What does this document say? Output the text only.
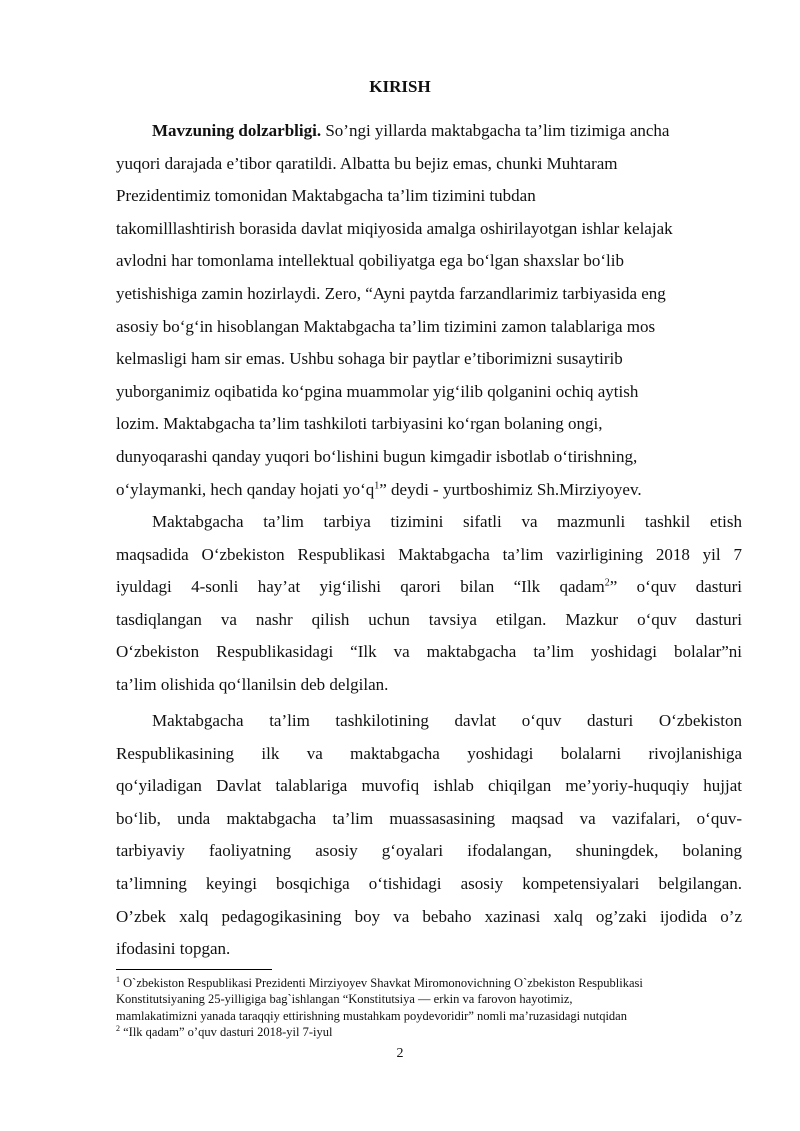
KIRISH
Mavzuning dolzarbligi. So’ngi yillarda maktabgacha ta’lim tizimiga ancha
yuqori darajada e’tibor qaratildi. Albatta bu bejiz emas, chunki Muhtaram
Prezidentimiz tomonidan Maktabgacha ta’lim tizimini tubdan
takomilllashtirish borasida davlat miqiyosida amalga oshirilayotgan ishlar kelajak
avlodni har tomonlama intellektual qobiliyatga ega bo‘lgan shaxslar bo‘lib
yetishishiga zamin hozirlaydi. Zero, “Ayni paytda farzandlarimiz tarbiyasida eng
asosiy bo‘g‘in hisoblangan Maktabgacha ta’lim tizimini zamon talablariga mos
kelmasligi ham sir emas. Ushbu sohaga bir paytlar e’tiborimizni susaytirib
yuborganimiz oqibatida ko‘pgina muammolar yig‘ilib qolganini ochiq aytish
lozim. Maktabgacha ta’lim tashkiloti tarbiyasini ko‘rgan bolaning ongi,
dunyoqarashi qanday yuqori bo‘lishini bugun kimgadir isbotlab o‘tirishning,
o‘ylaymanki, hech qanday hojati $yo‘q^1$” deydi - yurtboshimiz Sh.Mirziyoyev.
Maktabgacha ta’lim tarbiya tizimini sifatli va mazmunli tashkil etish
maqsadida O‘zbekiston Respublikasi Maktabgacha ta’lim vazirligining 2018 yil 7
iyuldagi 4-sonli hay’at yig‘ilishi qarori bilan “Ilk qadam$^2$” o‘quv dasturi
tasdiqlangan va nashr qilish uchun tavsiya etilgan. Mazkur o‘quv dasturi
O‘zbekiston Respublikasidagi “Ilk va maktabgacha ta’lim yoshidagi bolalar”ni
ta’lim olishida qo‘llanilsin deb delgilan.
Maktabgacha ta’lim tashkilotining davlat o‘quv dasturi O‘zbekiston
Respublikasining ilk va maktabgacha yoshidagi bolalarni rivojlanishiga
qo‘yiladigan Davlat talablariga muvofiq ishlab chiqilgan me’yoriy-huquqiy hujjat
bo‘lib, unda maktabgacha ta’lim muassasasining maqsad va vazifalari, o‘quv-
tarbiyaviy faoliyatning asosiy g‘oyalari ifodalangan, shuningdek, bolaning
ta’limning keyingi bosqichiga o‘tishidagi asosiy kompetensiyalari belgilangan.
O’zbek xalq pedagogikasining boy va bebaho xazinasi xalq og’zaki ijodida o’z
ifodasini topgan.
$^1$ O`zbekiston Respublikasi Prezidenti Mirziyoyev Shavkat Miromonovichning O`zbekiston Respublikasi
Konstitutsiyaning 25-yilligiga bag`ishlangan “Konstitutsiya — erkin va farovon hayotimiz,
mamlakatimizni yanada taraqqiy ettirishning mustahkam poydevoridir” nomli ma’ruzasidagi nutqidan
$^2$ “Ilk qadam” o’quv dasturi 2018-yil 7-iyul
2
